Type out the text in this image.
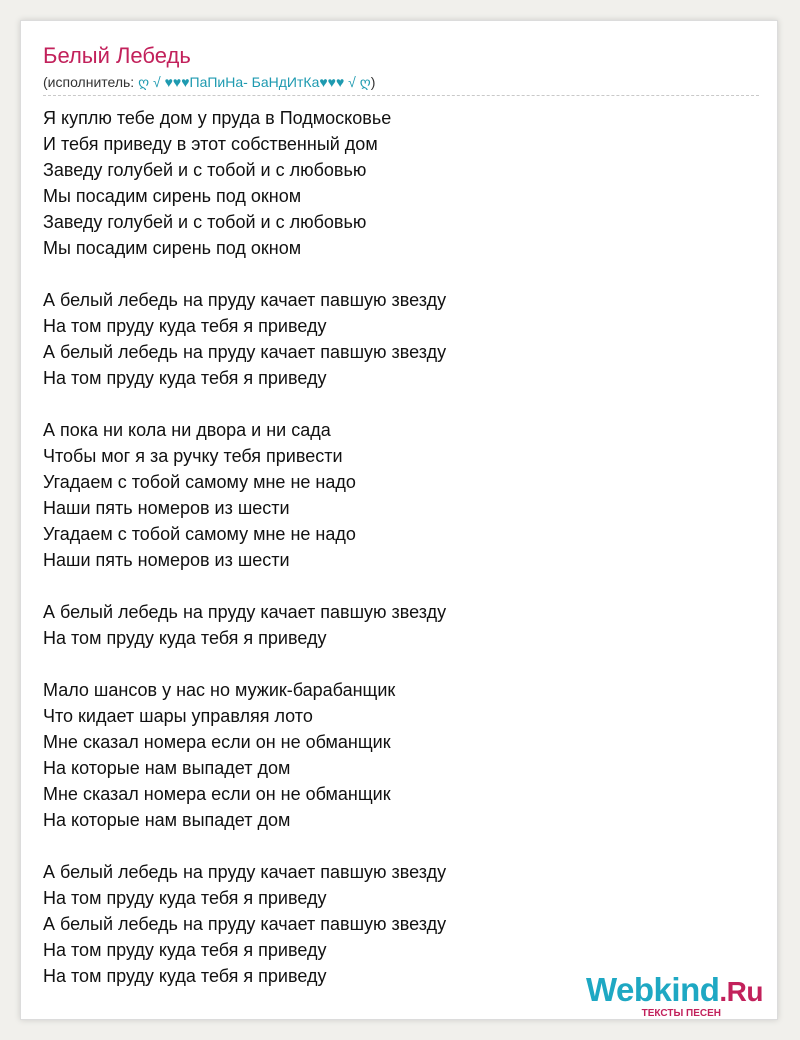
Белый Лебедь
(исполнитель: ღ √ ♥♥♥ПаПиНа- БаНдИтКа♥♥♥ √ ღ)
Я куплю тебе дом у пруда в Подмосковье
И тебя приведу в этот собственный дом
Заведу голубей и с тобой и с любовью
Мы посадим сирень под окном
Заведу голубей и с тобой и с любовью
Мы посадим сирень под окном
А белый лебедь на пруду качает павшую звезду
На том пруду куда тебя я приведу
А белый лебедь на пруду качает павшую звезду
На том пруду куда тебя я приведу
А пока ни кола ни двора и ни сада
Чтобы мог я за ручку тебя привести
Угадаем с тобой самому мне не надо
Наши пять номеров из шести
Угадаем с тобой самому мне не надо
Наши пять номеров из шести
А белый лебедь на пруду качает павшую звезду
На том пруду куда тебя я приведу
Мало шансов у нас но мужик-барабанщик
Что кидает шары управляя лото
Мне сказал номера если он не обманщик
На которые нам выпадет дом
Мне сказал номера если он не обманщик
На которые нам выпадет дом
А белый лебедь на пруду качает павшую звезду
На том пруду куда тебя я приведу
А белый лебедь на пруду качает павшую звезду
На том пруду куда тебя я приведу
На том пруду куда тебя я приведу	Webkind.Ru
ТЕКСТЫ ПЕСЕН
